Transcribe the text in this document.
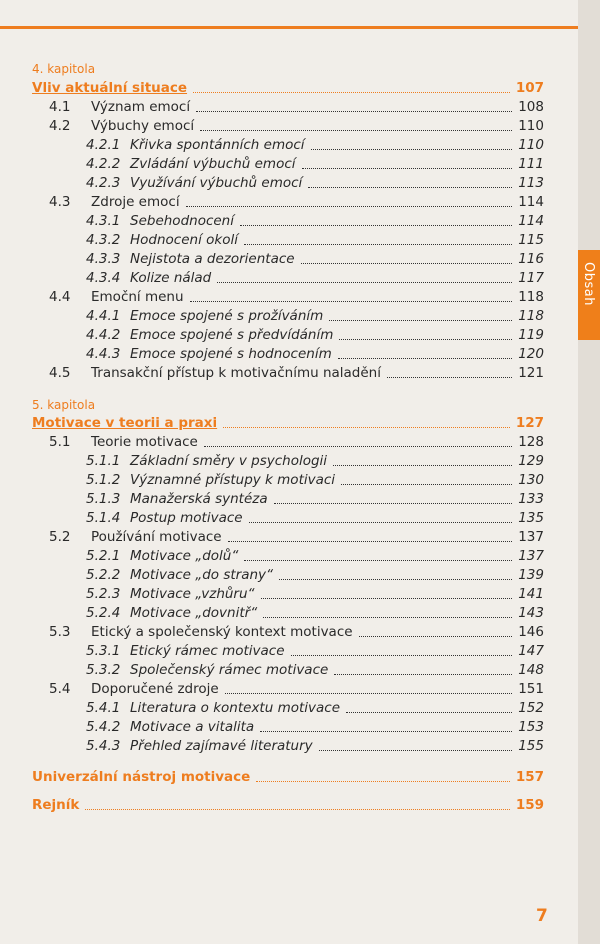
Obsah
4. kapitola
Vliv aktuální situace	107
4.1	Význam emocí	108
4.2	Výbuchy emocí	110
4.2.1 Křivka spontánních emocí	110
4.2.2 Zvládání výbuchů emocí	111
4.2.3 Využívání výbuchů emocí	113
4.3	Zdroje emocí	114
4.3.1 Sebehodnocení	114
4.3.2 Hodnocení okolí	115
4.3.3 Nejistota a dezorientace	116
4.3.4 Kolize nálad	117
4.4	Emoční menu	118
4.4.1 Emoce spojené s prožíváním	118
4.4.2 Emoce spojené s předvídáním	119
4.4.3 Emoce spojené s hodnocením	120
4.5	Transakční přístup k motivačnímu naladění	121
5. kapitola
Motivace v teorii a praxi	127
5.1	Teorie motivace	128
5.1.1 Základní směry v psychologii	129
5.1.2 Významné přístupy k motivaci	130
5.1.3 Manažerská syntéza	133
5.1.4 Postup motivace	135
5.2	Používání motivace	137
5.2.1 Motivace „dolů“	137
5.2.2 Motivace „do strany“	139
5.2.3 Motivace „vzhůru“	141
5.2.4 Motivace „dovnitř“	143
5.3	Etický a společenský kontext motivace	146
5.3.1 Etický rámec motivace	147
5.3.2 Společenský rámec motivace	148
5.4	Doporučené zdroje	151
5.4.1 Literatura o kontextu motivace	152
5.4.2 Motivace a vitalita	153
5.4.3 Přehled zajímavé literatury	155
Univerzální nástroj motivace	157
Rejník	159
7
